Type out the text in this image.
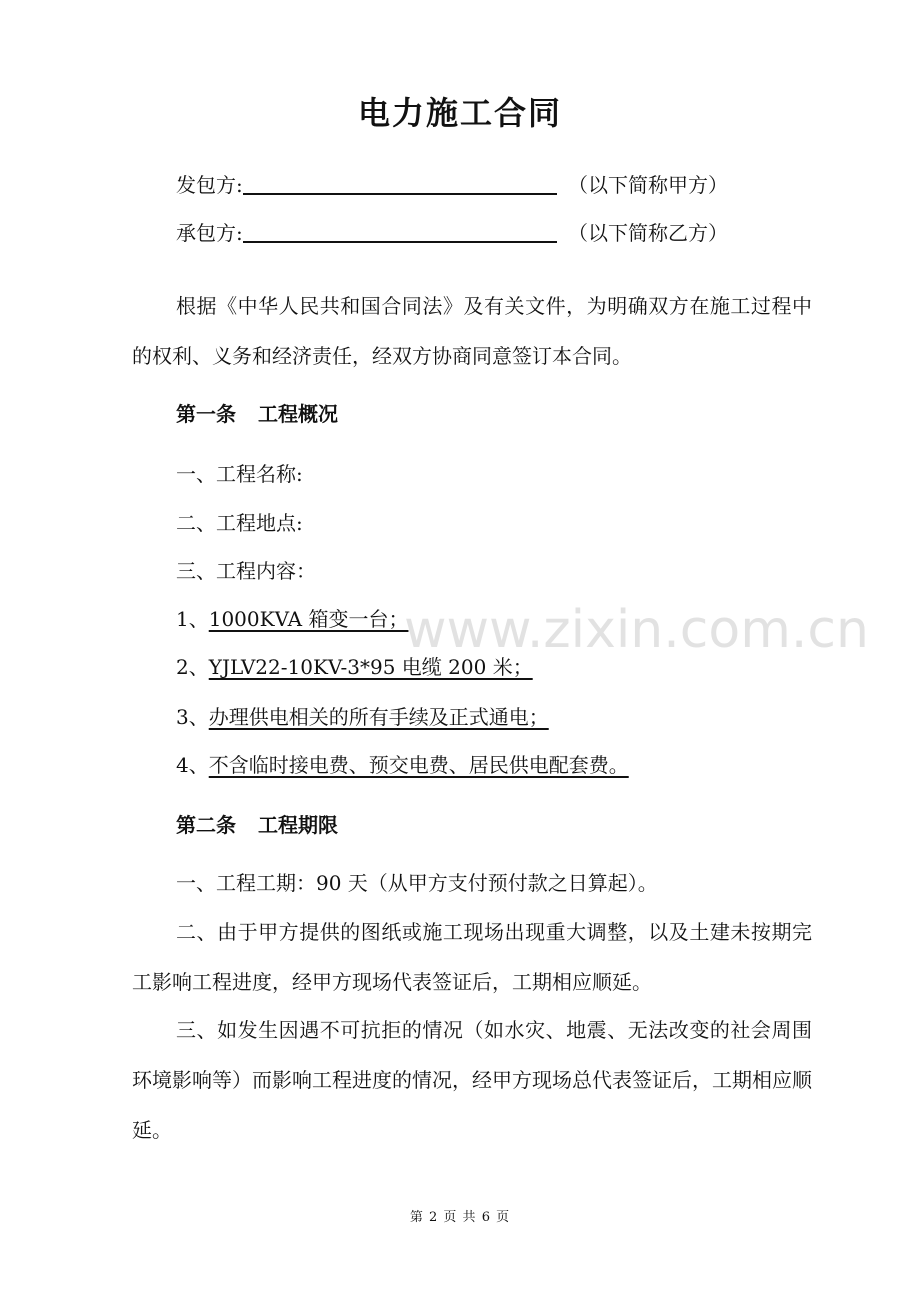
www.zixin.com.cn
电力施工合同
发包方:	（以下简称甲方）
承包方:	（以下简称乙方）
根据《中华人民共和国合同法》及有关文件，为明确双方在施工过程中的权利、义务和经济责任，经双方协商同意签订本合同。
第一条 工程概况
一、工程名称:
二、工程地点:
三、工程内容：
1、1000KVA 箱变一台；
2、YJLV22-10KV-3*95 电缆 200 米；
3、办理供电相关的所有手续及正式通电；
4、不含临时接电费、预交电费、居民供电配套费。
第二条 工程期限
一、工程工期：90 天（从甲方支付预付款之日算起）。
二、由于甲方提供的图纸或施工现场出现重大调整，以及土建未按期完工影响工程进度，经甲方现场代表签证后，工期相应顺延。
三、如发生因遇不可抗拒的情况（如水灾、地震、无法改变的社会周围环境影响等）而影响工程进度的情况，经甲方现场总代表签证后，工期相应顺延。
第 2 页 共 6 页
